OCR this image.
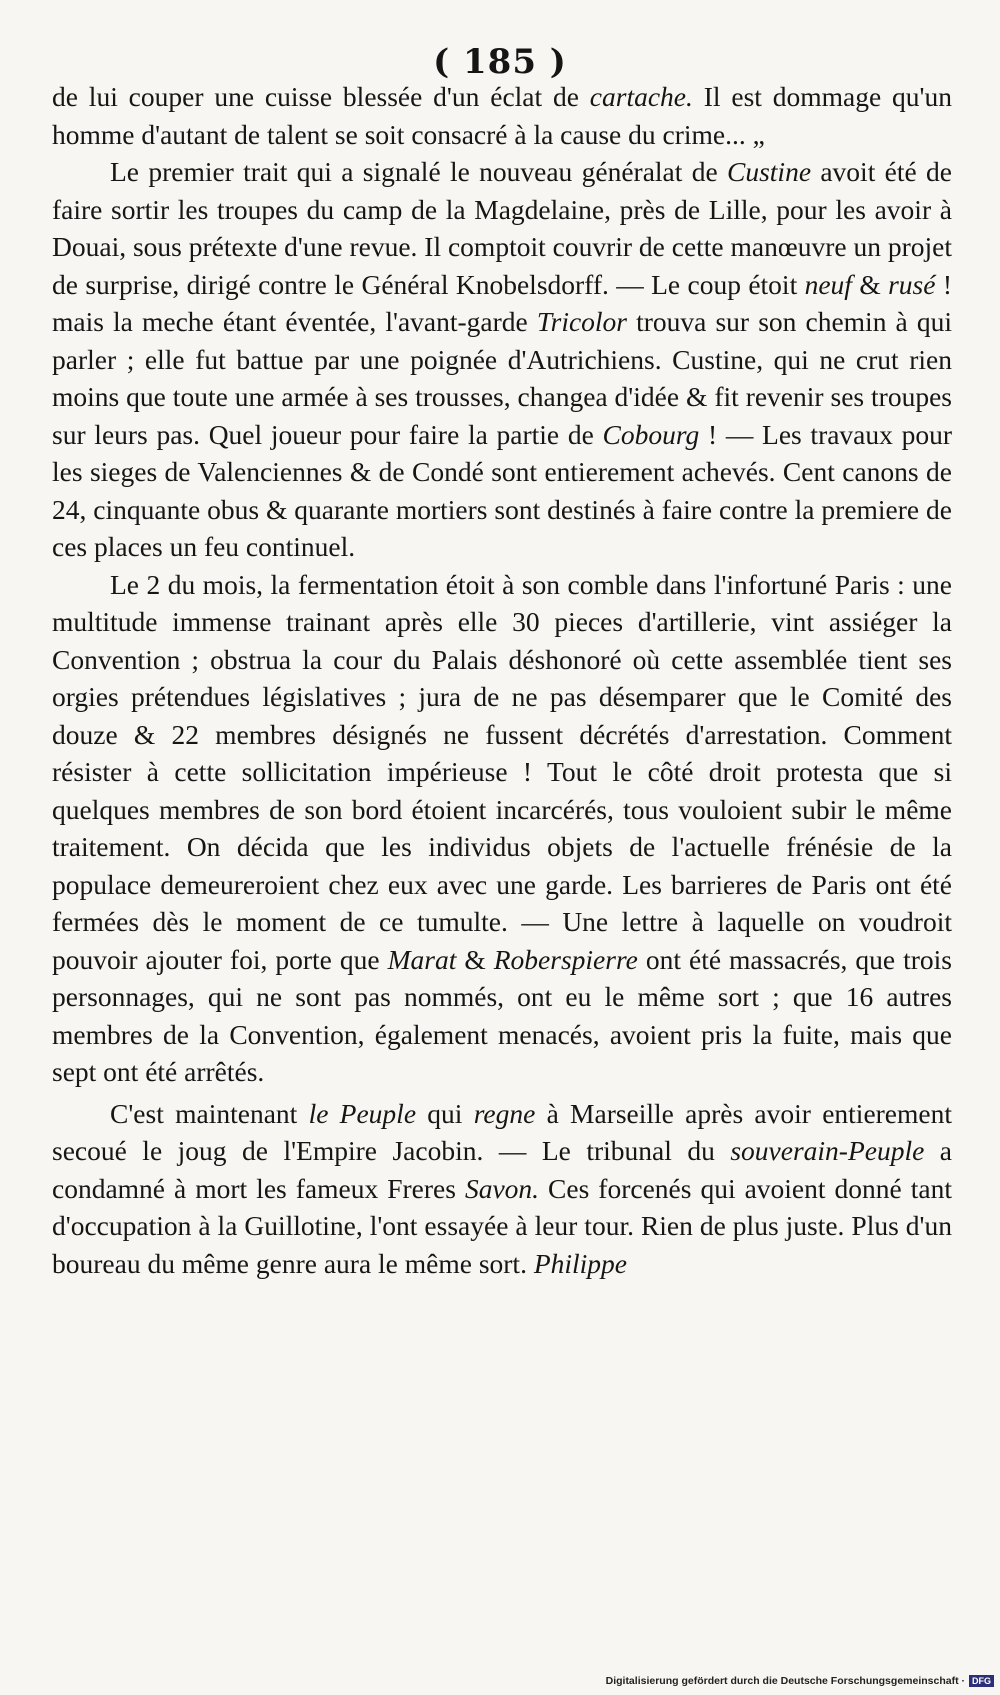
( 185 )

de lui couper une cuisse blessée d'un éclat de cartache. Il est dommage qu'un homme d'autant de talent se soit consacré à la cause du crime... „

Le premier trait qui a signalé le nouveau généralat de Custine avoit été de faire sortir les troupes du camp de la Magdelaine, près de Lille, pour les avoir à Douai, sous prétexte d'une revue. Il comptoit couvrir de cette manœuvre un projet de surprise, dirigé contre le Général Knobelsdorff. — Le coup étoit neuf & rusé ! mais la meche étant éventée, l'avant-garde Tricolor trouva sur son chemin à qui parler ; elle fut battue par une poignée d'Autrichiens. Custine, qui ne crut rien moins que toute une armée à ses trousses, changea d'idée & fit revenir ses troupes sur leurs pas. Quel joueur pour faire la partie de Cobourg ! — Les travaux pour les sieges de Valenciennes & de Condé sont entierement achevés. Cent canons de 24, cinquante obus & quarante mortiers sont destinés à faire contre la premiere de ces places un feu continuel.

Le 2 du mois, la fermentation étoit à son comble dans l'infortuné Paris : une multitude immense trainant après elle 30 pieces d'artillerie, vint assiéger la Convention ; obstrua la cour du Palais déshonoré où cette assemblée tient ses orgies prétendues législatives ; jura de ne pas désemparer que le Comité des douze & 22 membres désignés ne fussent décrétés d'arrestation. Comment résister à cette sollicitation impérieuse ! Tout le côté droit protesta que si quelques membres de son bord étoient incarcérés, tous vouloient subir le même traitement. On décida que les individus objets de l'actuelle frénésie de la populace demeureroient chez eux avec une garde. Les barrieres de Paris ont été fermées dès le moment de ce tumulte. — Une lettre à laquelle on voudroit pouvoir ajouter foi, porte que Marat & Roberspierre ont été massacrés, que trois personnages, qui ne sont pas nommés, ont eu le même sort ; que 16 autres membres de la Convention, également menacés, avoient pris la fuite, mais que sept ont été arrêtés.

C'est maintenant le Peuple qui regne à Marseille après avoir entierement secoué le joug de l'Empire Jacobin. — Le tribunal du souverain-Peuple a condamné à mort les fameux Freres Savon. Ces forcenés qui avoient donné tant d'occupation à la Guillotine, l'ont essayée à leur tour. Rien de plus juste. Plus d'un boureau du même genre aura le même sort. Philippe

Digitalisierung gefördert durch die Deutsche Forschungsgemeinschaft · DFG
